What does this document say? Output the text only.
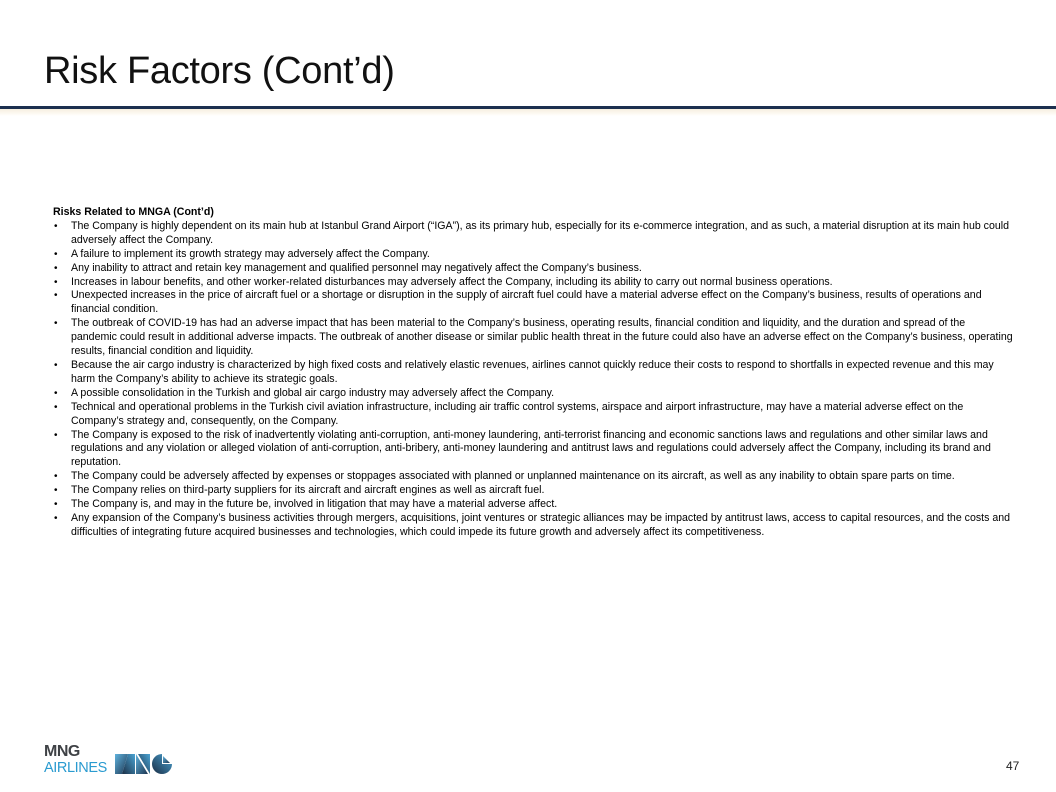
Risk Factors (Cont’d)

Risks Related to MNGA (Cont’d)

• The Company is highly dependent on its main hub at Istanbul Grand Airport (“IGA”), as its primary hub, especially for its e-commerce integration, and as such, a material disruption at its main hub could adversely affect the Company.
• A failure to implement its growth strategy may adversely affect the Company.
• Any inability to attract and retain key management and qualified personnel may negatively affect the Company’s business.
• Increases in labour benefits, and other worker-related disturbances may adversely affect the Company, including its ability to carry out normal business operations.
• Unexpected increases in the price of aircraft fuel or a shortage or disruption in the supply of aircraft fuel could have a material adverse effect on the Company’s business, results of operations and financial condition.
• The outbreak of COVID-19 has had an adverse impact that has been material to the Company’s business, operating results, financial condition and liquidity, and the duration and spread of the pandemic could result in additional adverse impacts. The outbreak of another disease or similar public health threat in the future could also have an adverse effect on the Company’s business, operating results, financial condition and liquidity.
• Because the air cargo industry is characterized by high fixed costs and relatively elastic revenues, airlines cannot quickly reduce their costs to respond to shortfalls in expected revenue and this may harm the Company’s ability to achieve its strategic goals.
• A possible consolidation in the Turkish and global air cargo industry may adversely affect the Company.
• Technical and operational problems in the Turkish civil aviation infrastructure, including air traffic control systems, airspace and airport infrastructure, may have a material adverse effect on the Company’s strategy and, consequently, on the Company.
• The Company is exposed to the risk of inadvertently violating anti-corruption, anti-money laundering, anti-terrorist financing and economic sanctions laws and regulations and other similar laws and regulations and any violation or alleged violation of anti-corruption, anti-bribery, anti-money laundering and antitrust laws and regulations could adversely affect the Company, including its brand and reputation.
• The Company could be adversely affected by expenses or stoppages associated with planned or unplanned maintenance on its aircraft, as well as any inability to obtain spare parts on time.
• The Company relies on third-party suppliers for its aircraft and aircraft engines as well as aircraft fuel.
• The Company is, and may in the future be, involved in litigation that may have a material adverse affect.
• Any expansion of the Company’s business activities through mergers, acquisitions, joint ventures or strategic alliances may be impacted by antitrust laws, access to capital resources, and the costs and difficulties of integrating future acquired businesses and technologies, which could impede its future growth and adversely affect its competitiveness.
MNG
AIRLINES	47
